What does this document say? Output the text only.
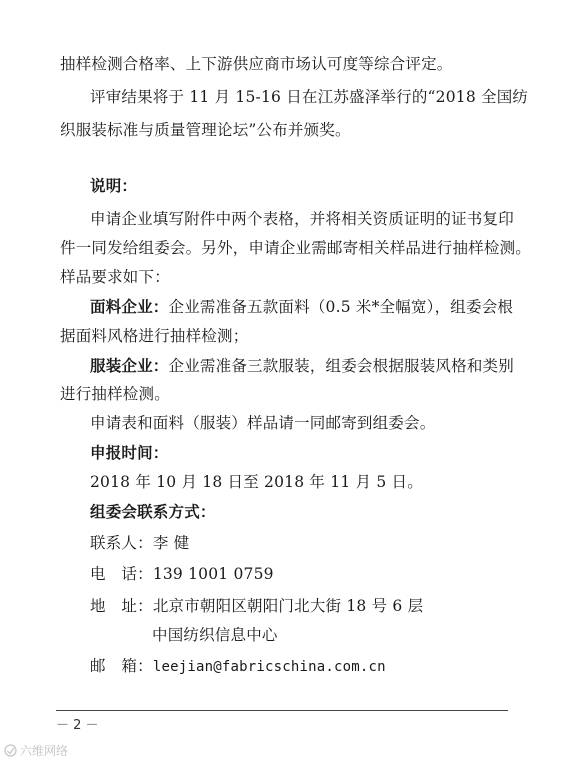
抽样检测合格率、上下游供应商市场认可度等综合评定。
评审结果将于 11 月 15-16 日在江苏盛泽举行的“2018 全国纺
织服装标准与质量管理论坛”公布并颁奖。
说明：
申请企业填写附件中两个表格，并将相关资质证明的证书复印
件一同发给组委会。另外，申请企业需邮寄相关样品进行抽样检测。
样品要求如下：
面料企业：企业需准备五款面料（0.5 米*全幅宽），组委会根
据面料风格进行抽样检测；
服装企业：企业需准备三款服装，组委会根据服装风格和类别
进行抽样检测。
申请表和面料（服装）样品请一同邮寄到组委会。
申报时间：
2018 年 10 月 18 日至 2018 年 11 月 5 日。
组委会联系方式：
联系人：李 健
电　话：139 1001 0759
地　址：北京市朝阳区朝阳门北大街 18 号 6 层
中国纺织信息中心
邮　箱：leejian@fabricschina.com.cn
－ 2 －
六维网络
